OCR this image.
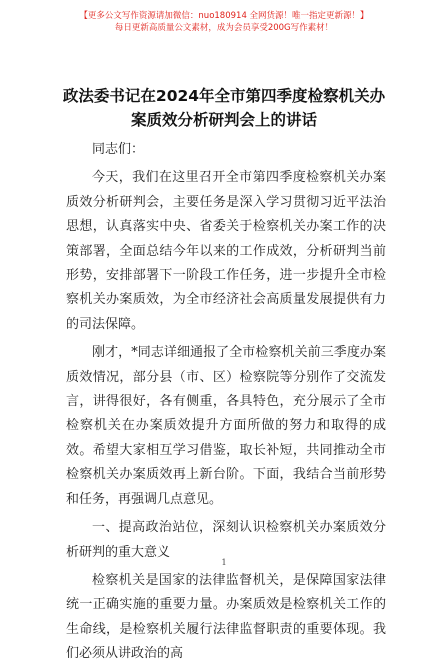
【更多公文写作资源请加微信：nuo180914 全网货源！唯一指定更新源！】
每日更新高质量公文素材，成为会员享受200G写作素材！
政法委书记在2024年全市第四季度检察机关办
案质效分析研判会上的讲话

同志们：

今天，我们在这里召开全市第四季度检察机关办案质效分析研判会，主要任务是深入学习贯彻习近平法治思想，认真落实中央、省委关于检察机关办案工作的决策部署，全面总结今年以来的工作成效，分析研判当前形势，安排部署下一阶段工作任务，进一步提升全市检察机关办案质效，为全市经济社会高质量发展提供有力的司法保障。

刚才，*同志详细通报了全市检察机关前三季度办案质效情况，部分县（市、区）检察院等分别作了交流发言，讲得很好，各有侧重，各具特色，充分展示了全市检察机关在办案质效提升方面所做的努力和取得的成效。希望大家相互学习借鉴，取长补短，共同推动全市检察机关办案质效再上新台阶。下面，我结合当前形势和任务，再强调几点意见。

一、提高政治站位，深刻认识检察机关办案质效分析研判的重大意义

检察机关是国家的法律监督机关，是保障国家法律统一正确实施的重要力量。办案质效是检察机关工作的生命线，是检察机关履行法律监督职责的重要体现。我们必须从讲政治的高

1
